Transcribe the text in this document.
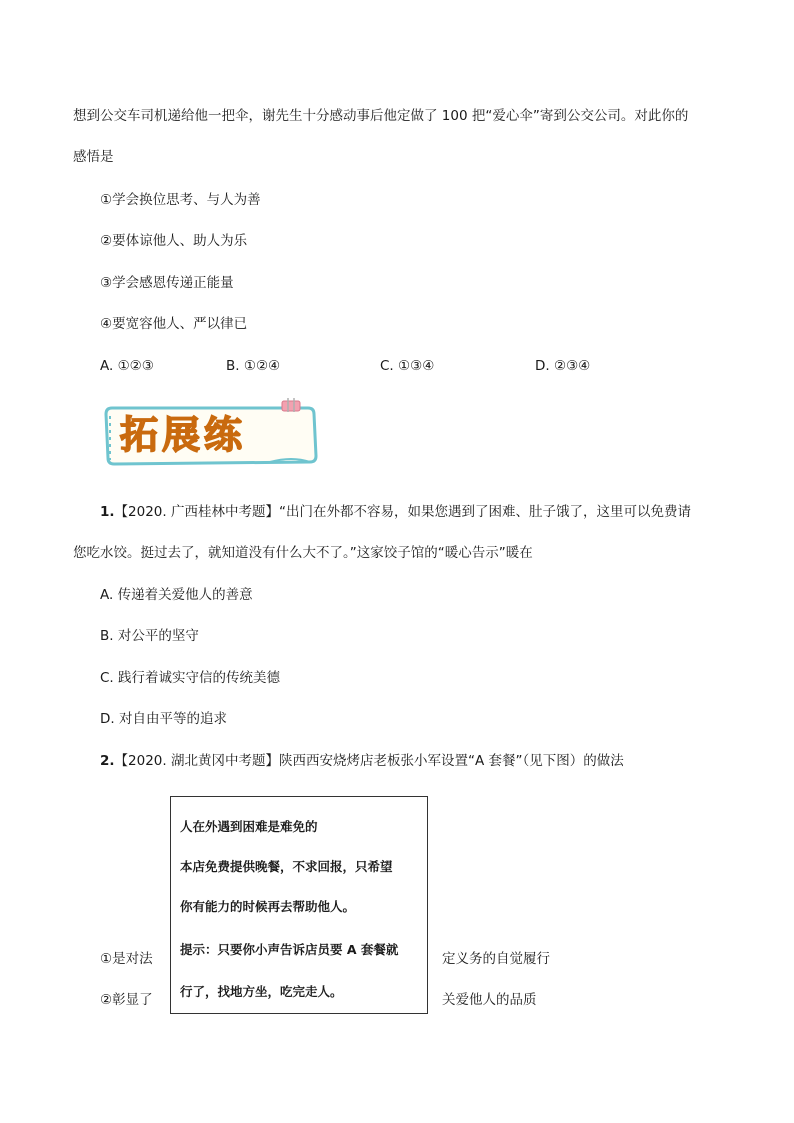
想到公交车司机递给他一把伞，谢先生十分感动事后他定做了 100 把“爱心伞”寄到公交公司。对此你的
感悟是
①学会换位思考、与人为善
②要体谅他人、助人为乐
③学会感恩传递正能量
④要宽容他人、严以律已
A. ①②③	B. ①②④	C. ①③④	D. ②③④
拓展练
1.【2020. 广西桂林中考题】“出门在外都不容易，如果您遇到了困难、肚子饿了，这里可以免费请
您吃水饺。挺过去了，就知道没有什么大不了。”这家饺子馆的“暖心告示”暖在
A. 传递着关爱他人的善意
B. 对公平的坚守
C. 践行着诚实守信的传统美德
D. 对自由平等的追求
2.【2020. 湖北黄冈中考题】陕西西安烧烤店老板张小军设置“A 套餐”（见下图）的做法
①是对法	定义务的自觉履行
②彰显了	关爱他人的品质
人在外遇到困难是难免的
本店免费提供晚餐，不求回报，只希望
你有能力的时候再去帮助他人。
提示：只要你小声告诉店员要 A 套餐就
行了，找地方坐，吃完走人。
